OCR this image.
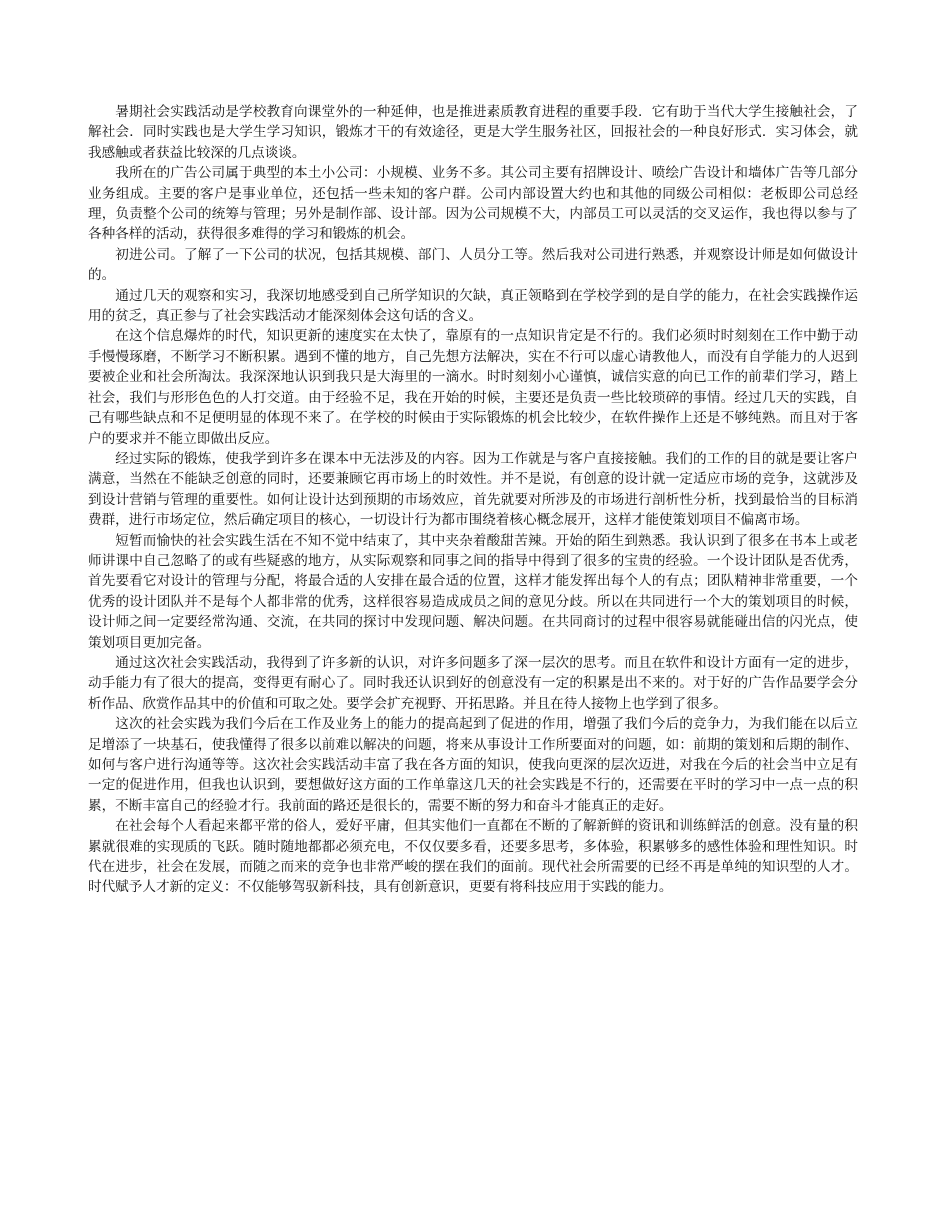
暑期社会实践活动是学校教育向课堂外的一种延伸，也是推进素质教育进程的重要手段．它有助于当代大学生接触社会，了解社会．同时实践也是大学生学习知识，锻炼才干的有效途径，更是大学生服务社区，回报社会的一种良好形式．实习体会，就我感触或者获益比较深的几点谈谈。

我所在的广告公司属于典型的本土小公司：小规模、业务不多。其公司主要有招牌设计、喷绘广告设计和墙体广告等几部分业务组成。主要的客户是事业单位，还包括一些未知的客户群。公司内部设置大约也和其他的同级公司相似：老板即公司总经理，负责整个公司的统筹与管理；另外是制作部、设计部。因为公司规模不大，内部员工可以灵活的交叉运作，我也得以参与了各种各样的活动，获得很多难得的学习和锻炼的机会。

初进公司。了解了一下公司的状况，包括其规模、部门、人员分工等。然后我对公司进行熟悉，并观察设计师是如何做设计的。

通过几天的观察和实习，我深切地感受到自己所学知识的欠缺，真正领略到在学校学到的是自学的能力，在社会实践操作运用的贫乏，真正参与了社会实践活动才能深刻体会这句话的含义。

在这个信息爆炸的时代，知识更新的速度实在太快了，靠原有的一点知识肯定是不行的。我们必须时时刻刻在工作中勤于动手慢慢琢磨，不断学习不断积累。遇到不懂的地方，自己先想方法解决，实在不行可以虚心请教他人，而没有自学能力的人迟到要被企业和社会所淘汰。我深深地认识到我只是大海里的一滴水。时时刻刻小心谨慎，诚信实意的向已工作的前辈们学习，踏上社会，我们与形形色色的人打交道。由于经验不足，我在开始的时候，主要还是负责一些比较琐碎的事情。经过几天的实践，自己有哪些缺点和不足便明显的体现不来了。在学校的时候由于实际锻炼的机会比较少，在软件操作上还是不够纯熟。而且对于客户的要求并不能立即做出反应。

经过实际的锻炼，使我学到许多在课本中无法涉及的内容。因为工作就是与客户直接接触。我们的工作的目的就是要让客户满意，当然在不能缺乏创意的同时，还要兼顾它再市场上的时效性。并不是说，有创意的设计就一定适应市场的竞争，这就涉及到设计营销与管理的重要性。如何让设计达到预期的市场效应，首先就要对所涉及的市场进行剖析性分析，找到最恰当的目标消费群，进行市场定位，然后确定项目的核心，一切设计行为都市围绕着核心概念展开，这样才能使策划项目不偏离市场。

短暂而愉快的社会实践生活在不知不觉中结束了，其中夹杂着酸甜苦辣。开始的陌生到熟悉。我认识到了很多在书本上或老师讲课中自己忽略了的或有些疑惑的地方，从实际观察和同事之间的指导中得到了很多的宝贵的经验。一个设计团队是否优秀，首先要看它对设计的管理与分配，将最合适的人安排在最合适的位置，这样才能发挥出每个人的有点；团队精神非常重要，一个优秀的设计团队并不是每个人都非常的优秀，这样很容易造成成员之间的意见分歧。所以在共同进行一个大的策划项目的时候，设计师之间一定要经常沟通、交流，在共同的探讨中发现问题、解决问题。在共同商讨的过程中很容易就能碰出信的闪光点，使策划项目更加完备。

通过这次社会实践活动，我得到了许多新的认识，对许多问题多了深一层次的思考。而且在软件和设计方面有一定的进步，动手能力有了很大的提高，变得更有耐心了。同时我还认识到好的创意没有一定的积累是出不来的。对于好的广告作品要学会分析作品、欣赏作品其中的价值和可取之处。要学会扩充视野、开拓思路。并且在待人接物上也学到了很多。

这次的社会实践为我们今后在工作及业务上的能力的提高起到了促进的作用，增强了我们今后的竞争力，为我们能在以后立足增添了一块基石，使我懂得了很多以前难以解决的问题，将来从事设计工作所要面对的问题，如：前期的策划和后期的制作、如何与客户进行沟通等等。这次社会实践活动丰富了我在各方面的知识，使我向更深的层次迈进，对我在今后的社会当中立足有一定的促进作用，但我也认识到，要想做好这方面的工作单靠这几天的社会实践是不行的，还需要在平时的学习中一点一点的积累，不断丰富自己的经验才行。我前面的路还是很长的，需要不断的努力和奋斗才能真正的走好。

在社会每个人看起来都平常的俗人，爱好平庸，但其实他们一直都在不断的了解新鲜的资讯和训练鲜活的创意。没有量的积累就很难的实现质的飞跃。随时随地都都必须充电，不仅仅要多看，还要多思考，多体验，积累够多的感性体验和理性知识。时代在进步，社会在发展，而随之而来的竞争也非常严峻的摆在我们的面前。现代社会所需要的已经不再是单纯的知识型的人才。时代赋予人才新的定义：不仅能够驾驭新科技，具有创新意识，更要有将科技应用于实践的能力。
